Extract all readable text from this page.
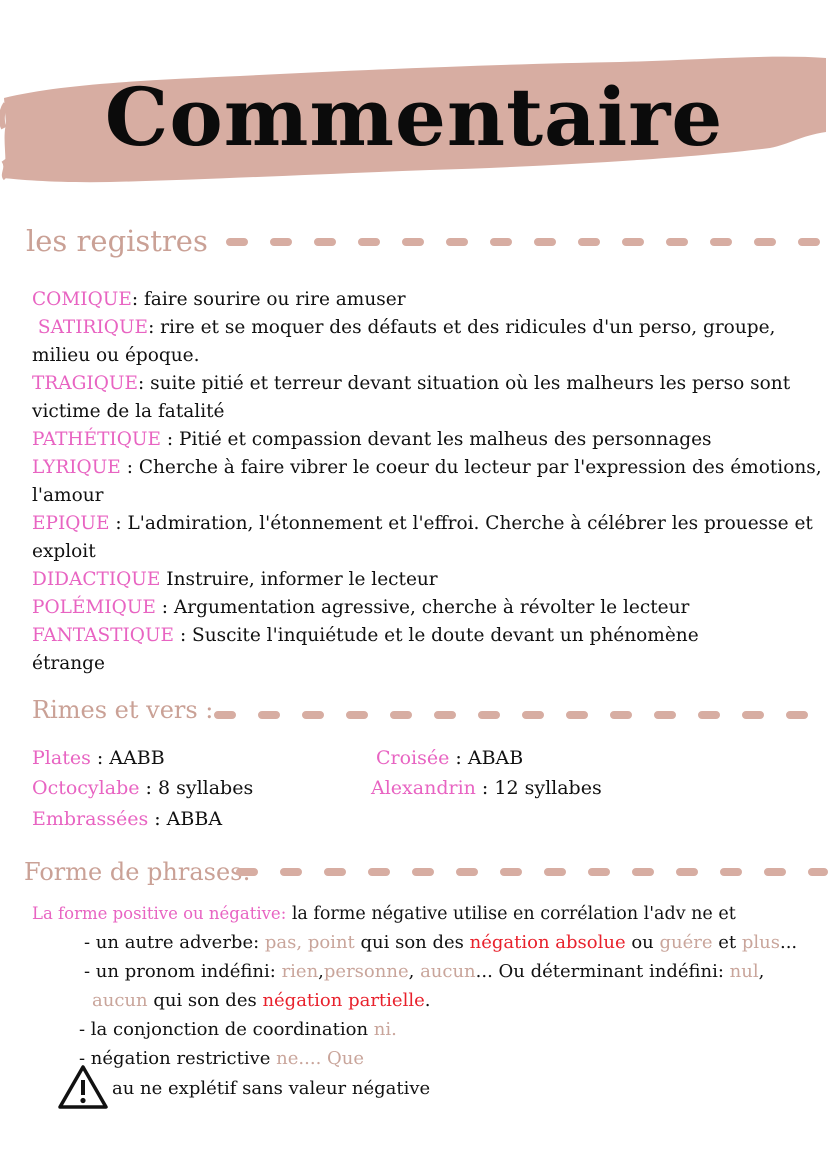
Commentaire
les registres
COMIQUE: faire sourire ou rire amuser
SATIRIQUE: rire et se moquer des défauts et des ridicules d'un perso, groupe,
milieu ou époque.
TRAGIQUE: suite pitié et terreur devant situation où les malheurs les perso sont
victime de la fatalité
PATHÉTIQUE : Pitié et compassion devant les malheus des personnages
LYRIQUE : Cherche à faire vibrer le coeur du lecteur par l'expression des émotions,
l'amour
EPIQUE : L'admiration, l'étonnement et l'effroi. Cherche à célébrer les prouesse et
exploit
DIDACTIQUE Instruire, informer le lecteur
POLÉMIQUE : Argumentation agressive, cherche à révolter le lecteur
FANTASTIQUE : Suscite l'inquiétude et le doute devant un phénomène
étrange
Rimes et vers :
Plates : AABB	Croisée : ABAB
Octocylabe : 8 syllabes	Alexandrin : 12 syllabes
Embrassées : ABBA
Forme de phrases:
La forme positive ou négative: la forme négative utilise en corrélation l'adv ne et
- un autre adverbe: pas, point qui son des négation absolue ou guére et plus...
- un pronom indéfini: rien,personne, aucun... Ou déterminant indéfini: nul,
aucun qui son des négation partielle.
- la conjonction de coordination ni.
- négation restrictive ne.... Que
au ne explétif sans valeur négative
